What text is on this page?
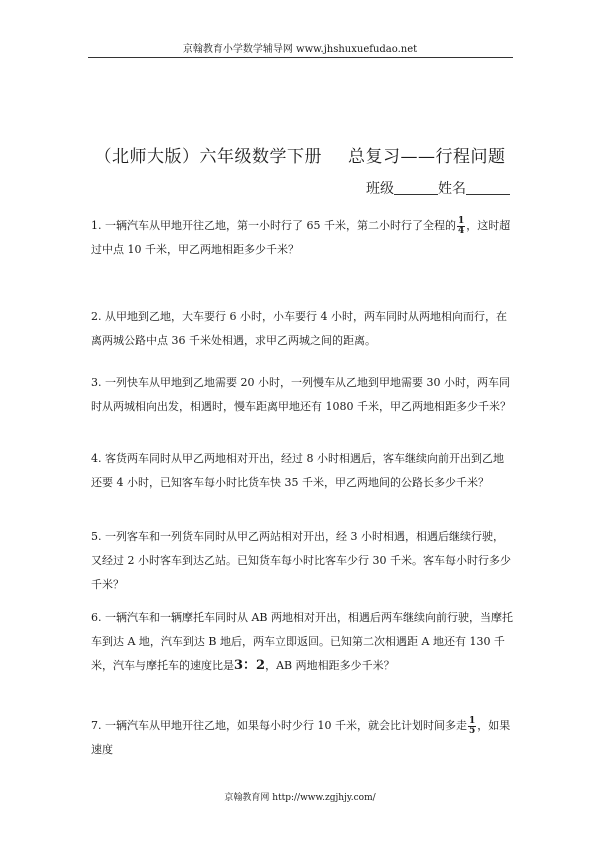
京翰教育小学数学辅导网 www.jhshuxuefudao.net
（北师大版）六年级数学下册 总复习——行程问题
班级	姓名
1. 一辆汽车从甲地开往乙地，第一小时行了 65 千米，第二小时行了全程的 $\frac{1}{4}$ ，这时超过中点 10 千米，甲乙两地相距多少千米？
2. 从甲地到乙地，大车要行 6 小时，小车要行 4 小时，两车同时从两地相向而行，在离两城公路中点 36 千米处相遇，求甲乙两城之间的距离。
3. 一列快车从甲地到乙地需要 20 小时，一列慢车从乙地到甲地需要 30 小时，两车同时从两城相向出发，相遇时，慢车距离甲地还有 1080 千米，甲乙两地相距多少千米？
4. 客货两车同时从甲乙两地相对开出，经过 8 小时相遇后，客车继续向前开出到乙地还要 4 小时，已知客车每小时比货车快 35 千米，甲乙两地间的公路长多少千米？
5. 一列客车和一列货车同时从甲乙两站相对开出，经 3 小时相遇，相遇后继续行驶，又经过 2 小时客车到达乙站。已知货车每小时比客车少行 30 千米。客车每小时行多少千米？
6. 一辆汽车和一辆摩托车同时从 AB 两地相对开出，相遇后两车继续向前行驶，当摩托车到达 A 地，汽车到达 B 地后，两车立即返回。已知第二次相遇距 A 地还有 130 千米，汽车与摩托车的速度比是3：2，AB 两地相距多少千米？
7. 一辆汽车从甲地开往乙地，如果每小时少行 10 千米，就会比计划时间多走 $\frac{1}{5}$ ，如果速度
京翰教育网 http://www.zgjhjy.com/
